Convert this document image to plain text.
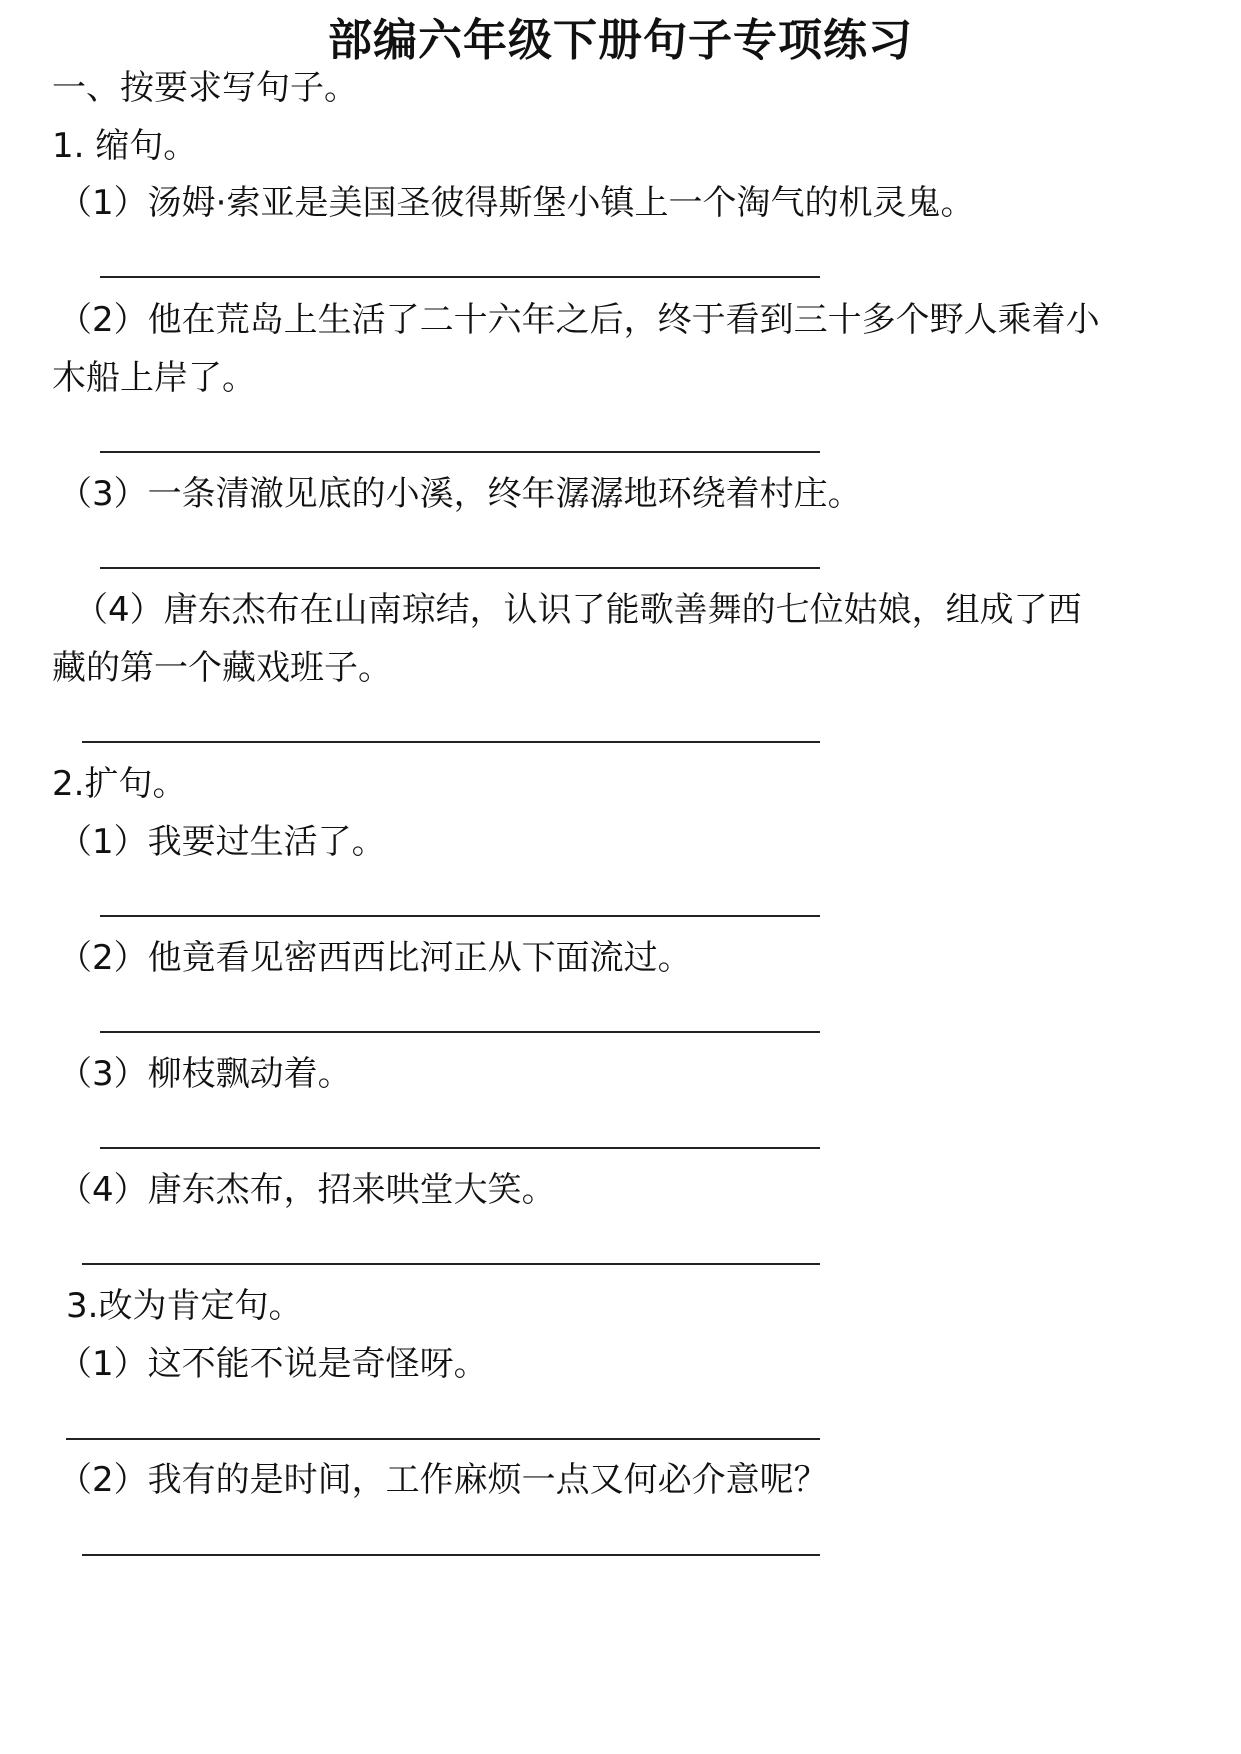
部编六年级下册句子专项练习

一、按要求写句子。

1. 缩句。

（1）汤姆·索亚是美国圣彼得斯堡小镇上一个淘气的机灵鬼。

（2）他在荒岛上生活了二十六年之后，终于看到三十多个野人乘着小

木船上岸了。

（3）一条清澈见底的小溪，终年潺潺地环绕着村庄。

（4）唐东杰布在山南琼结，认识了能歌善舞的七位姑娘，组成了西

藏的第一个藏戏班子。

2.扩句。

（1）我要过生活了。

（2）他竟看见密西西比河正从下面流过。

（3）柳枝飘动着。

（4）唐东杰布，招来哄堂大笑。

3.改为肯定句。

（1）这不能不说是奇怪呀。

（2）我有的是时间，工作麻烦一点又何必介意呢？
